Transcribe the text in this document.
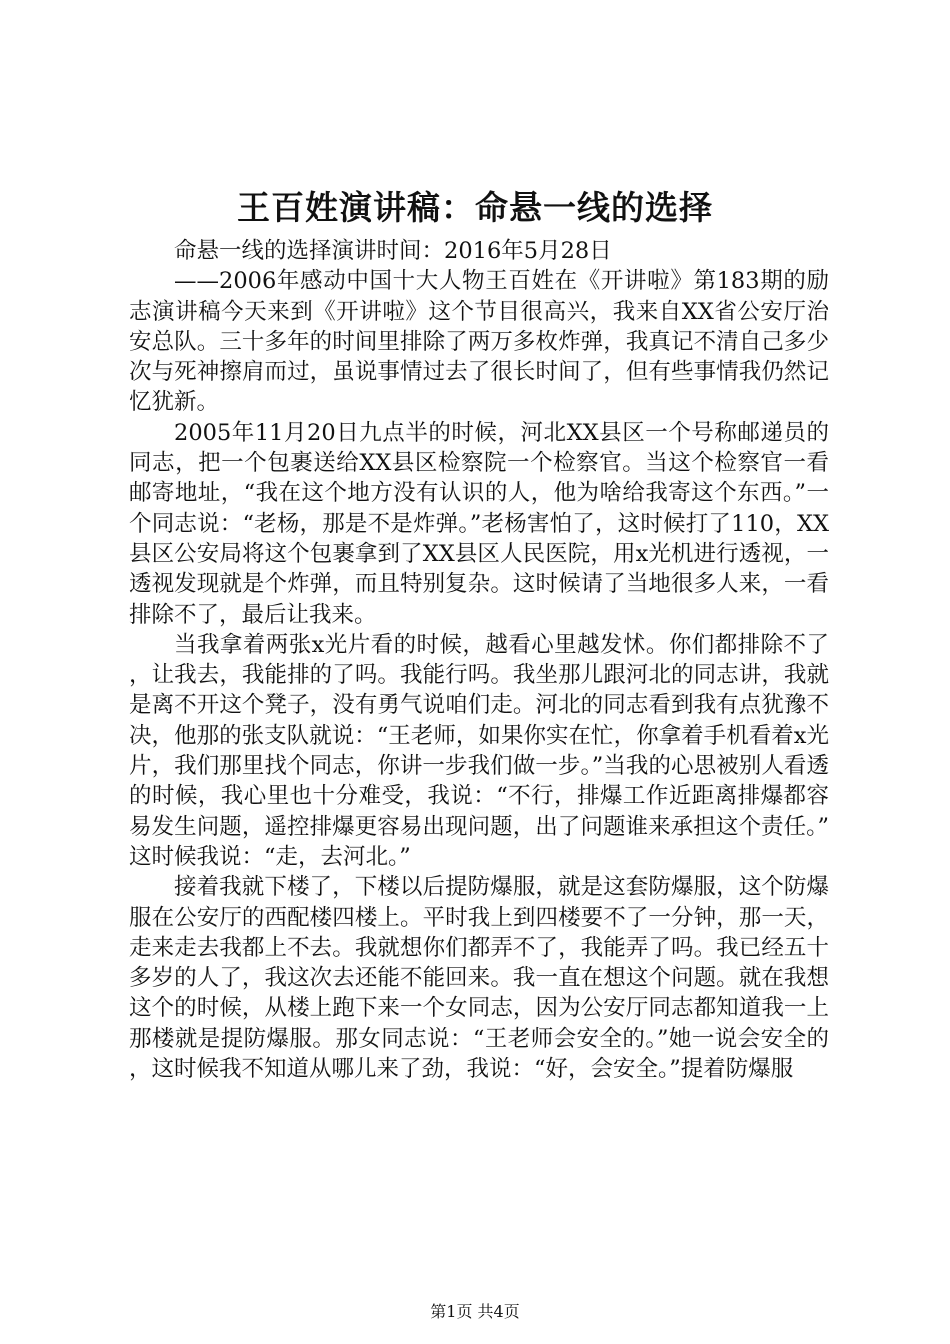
王百姓演讲稿：命悬一线的选择

命悬一线的选择演讲时间：2016年5月28日

——2006年感动中国十大人物王百姓在《开讲啦》第183期的励志演讲稿今天来到《开讲啦》这个节目很高兴，我来自XX省公安厅治安总队。三十多年的时间里排除了两万多枚炸弹，我真记不清自己多少次与死神擦肩而过，虽说事情过去了很长时间了，但有些事情我仍然记忆犹新。

2005年11月20日九点半的时候，河北XX县区一个号称邮递员的同志，把一个包裹送给XX县区检察院一个检察官。当这个检察官一看邮寄地址，“我在这个地方没有认识的人，他为啥给我寄这个东西。”一个同志说：“老杨，那是不是炸弹。”老杨害怕了，这时候打了110，XX县区公安局将这个包裹拿到了XX县区人民医院，用x光机进行透视，一透视发现就是个炸弹，而且特别复杂。这时候请了当地很多人来，一看排除不了，最后让我来。

当我拿着两张x光片看的时候，越看心里越发怵。你们都排除不了，让我去，我能排的了吗。我能行吗。我坐那儿跟河北的同志讲，我就是离不开这个凳子，没有勇气说咱们走。河北的同志看到我有点犹豫不决，他那的张支队就说：“王老师，如果你实在忙，你拿着手机看着x光片，我们那里找个同志，你讲一步我们做一步。”当我的心思被别人看透的时候，我心里也十分难受，我说：“不行，排爆工作近距离排爆都容易发生问题，遥控排爆更容易出现问题，出了问题谁来承担这个责任。”这时候我说：“走，去河北。”

接着我就下楼了，下楼以后提防爆服，就是这套防爆服，这个防爆服在公安厅的西配楼四楼上。平时我上到四楼要不了一分钟，那一天，走来走去我都上不去。我就想你们都弄不了，我能弄了吗。我已经五十多岁的人了，我这次去还能不能回来。我一直在想这个问题。就在我想这个的时候，从楼上跑下来一个女同志，因为公安厅同志都知道我一上那楼就是提防爆服。那女同志说：“王老师会安全的。”她一说会安全的，这时候我不知道从哪儿来了劲，我说：“好，会安全。”提着防爆服

第1页 共4页
